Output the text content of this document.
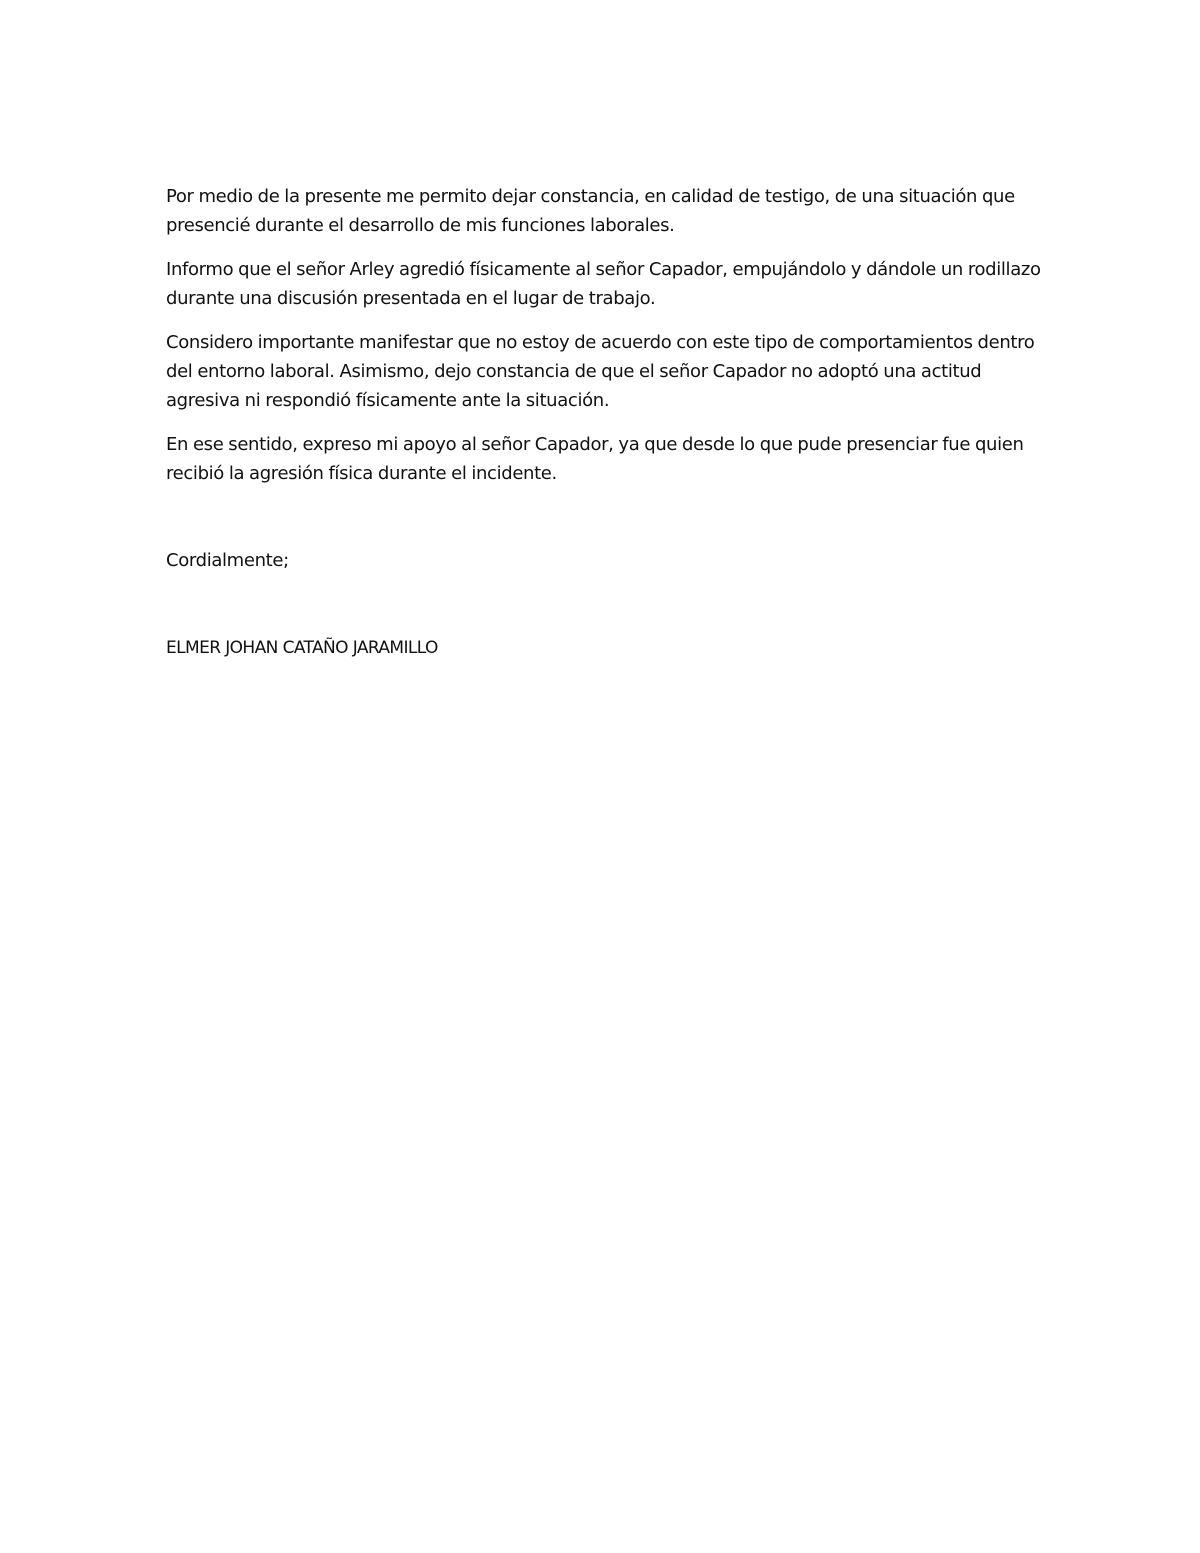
Por medio de la presente me permito dejar constancia, en calidad de testigo, de una situación que presencié durante el desarrollo de mis funciones laborales.

Informo que el señor Arley agredió físicamente al señor Capador, empujándolo y dándole un rodillazo durante una discusión presentada en el lugar de trabajo.

Considero importante manifestar que no estoy de acuerdo con este tipo de comportamientos dentro del entorno laboral. Asimismo, dejo constancia de que el señor Capador no adoptó una actitud agresiva ni respondió físicamente ante la situación.

En ese sentido, expreso mi apoyo al señor Capador, ya que desde lo que pude presenciar fue quien recibió la agresión física durante el incidente.

Cordialmente;

ELMER JOHAN CATAÑO JARAMILLO
